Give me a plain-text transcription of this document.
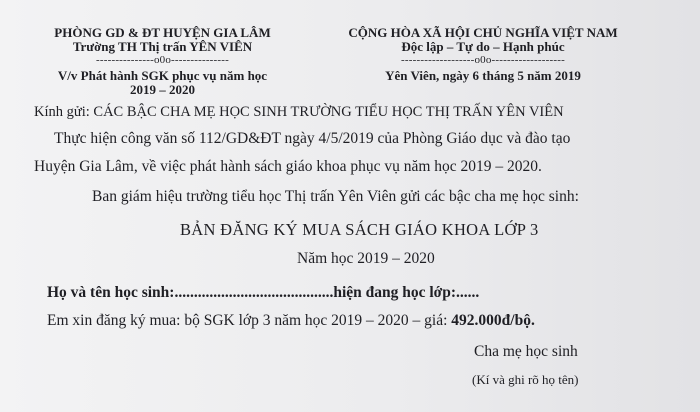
PHÒNG GD & ĐT HUYỆN GIA LÂM
Trường TH Thị trấn YÊN VIÊN
---------------o0o---------------
V/v Phát hành SGK phục vụ năm học
2019 – 2020
CỘNG HÒA XÃ HỘI CHỦ NGHĨA VIỆT NAM
Độc lập – Tự do – Hạnh phúc
-------------------o0o-------------------
Yên Viên, ngày 6 tháng 5 năm 2019
Kính gửi: CÁC BẬC CHA MẸ HỌC SINH TRƯỜNG TIỂU HỌC THỊ TRẤN YÊN VIÊN
Thực hiện công văn số 112/GD&ĐT ngày 4/5/2019 của Phòng Giáo dục và đào tạo
Huyện Gia Lâm, về việc phát hành sách giáo khoa phục vụ năm học 2019 – 2020.
Ban giám hiệu trường tiểu học Thị trấn Yên Viên gửi các bậc cha mẹ học sinh:
BẢN ĐĂNG KÝ MUA SÁCH GIÁO KHOA LỚP 3
Năm học 2019 – 2020
Họ và tên học sinh:.........................................hiện đang học lớp:......
Em xin đăng ký mua: bộ SGK lớp 3 năm học 2019 – 2020 – giá: 492.000đ/bộ.
Cha mẹ học sinh
(Kí và ghi rõ họ tên)
